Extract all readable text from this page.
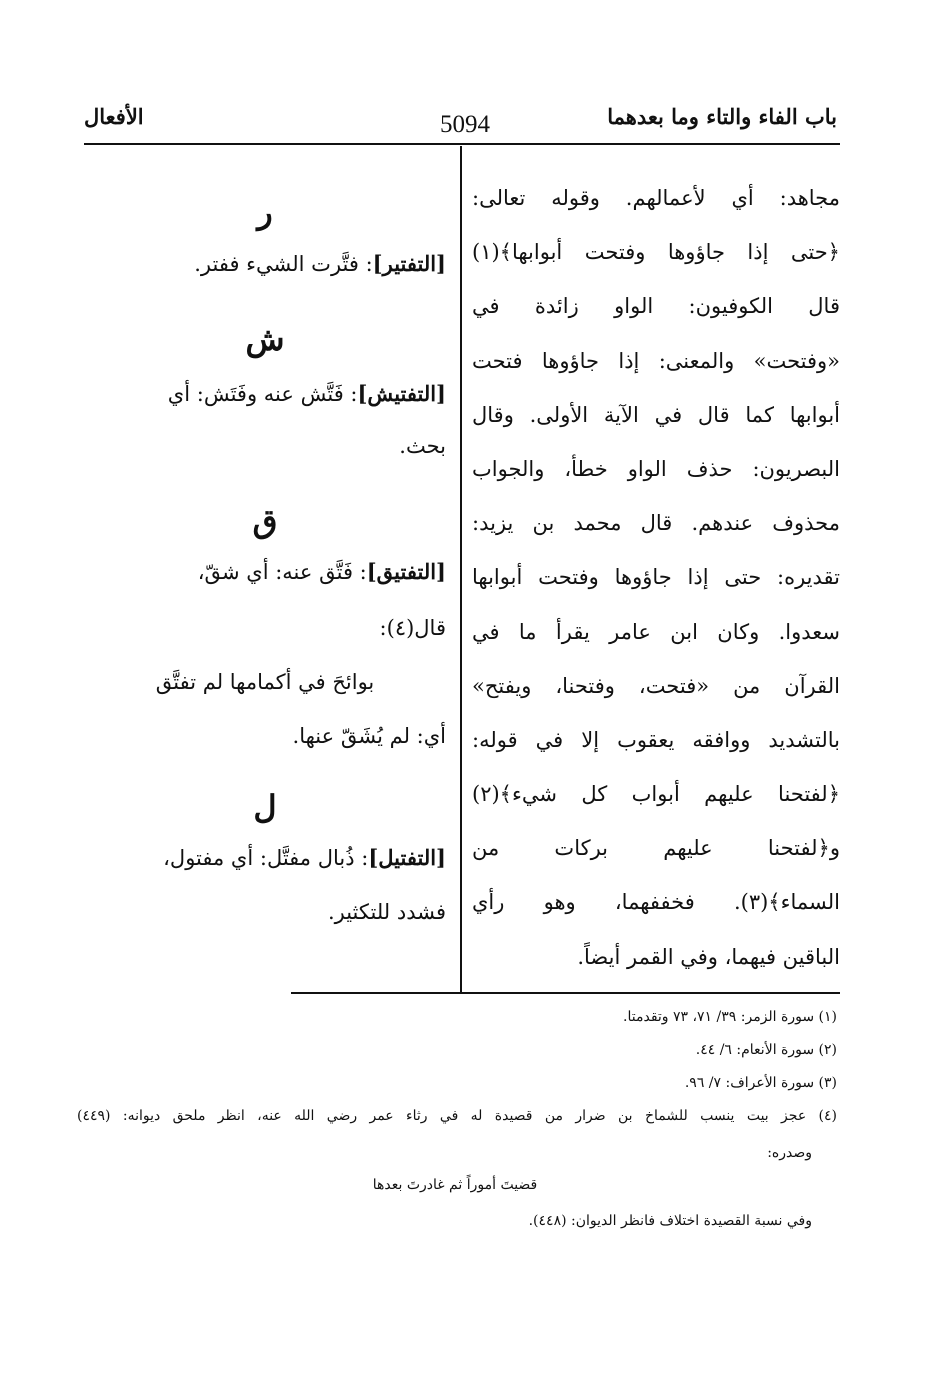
باب الفاء والتاء وما بعدهما
5094
الأفعال
مجاهد: أي لأعمالهم. وقوله تعالى:
﴿حتى إذا جاؤوها وفتحت أبوابها﴾(١)
قال الكوفيون: الواو زائدة في
«وفتحت» والمعنى: إذا جاؤوها فتحت
أبوابها كما قال في الآية الأولى. وقال
البصريون: حذف الواو خطأ، والجواب
محذوف عندهم. قال محمد بن يزيد:
تقديره: حتى إذا جاؤوها وفتحت أبوابها
سعدوا. وكان ابن عامر يقرأ ما في
القرآن من «فتحت، وفتحنا، ويفتح»
بالتشديد ووافقه يعقوب إلا في قوله:
﴿لفتحنا عليهم أبواب كل شيء﴾(٢)
و﴿لفتحنا عليهم بركات من
السماء﴾(٣). فخففهما، وهو رأي
الباقين فيهما، وفي القمر أيضاً.
ر
[التفتير]: فتَّرت الشيء ففتر.
ش
[التفتيش]: فَتَّش عنه وفَتَش: أي
بحث.
ق
[التفتيق]: فَتَّق عنه: أي شقّ،
قال(٤):
بوائحَ في أكمامها لم تفتَّق
أي: لم يُشَقّ عنها.
ل
[التفتيل]: ذُبال مفتَّل: أي مفتول،
فشدد للتكثير.
(١) سورة الزمر: ٣٩/ ٧١، ٧٣ وتقدمتا.
(٢) سورة الأنعام: ٦/ ٤٤.
(٣) سورة الأعراف: ٧/ ٩٦.
(٤) عجز بيت ينسب للشماخ بن ضرار من قصيدة له في رثاء عمر رضي الله عنه، انظر ملحق ديوانه: (٤٤٩)
وصدره:
قضيتَ أموراً ثم غادرتَ بعدها
وفي نسبة القصيدة اختلاف فانظر الديوان: (٤٤٨).
